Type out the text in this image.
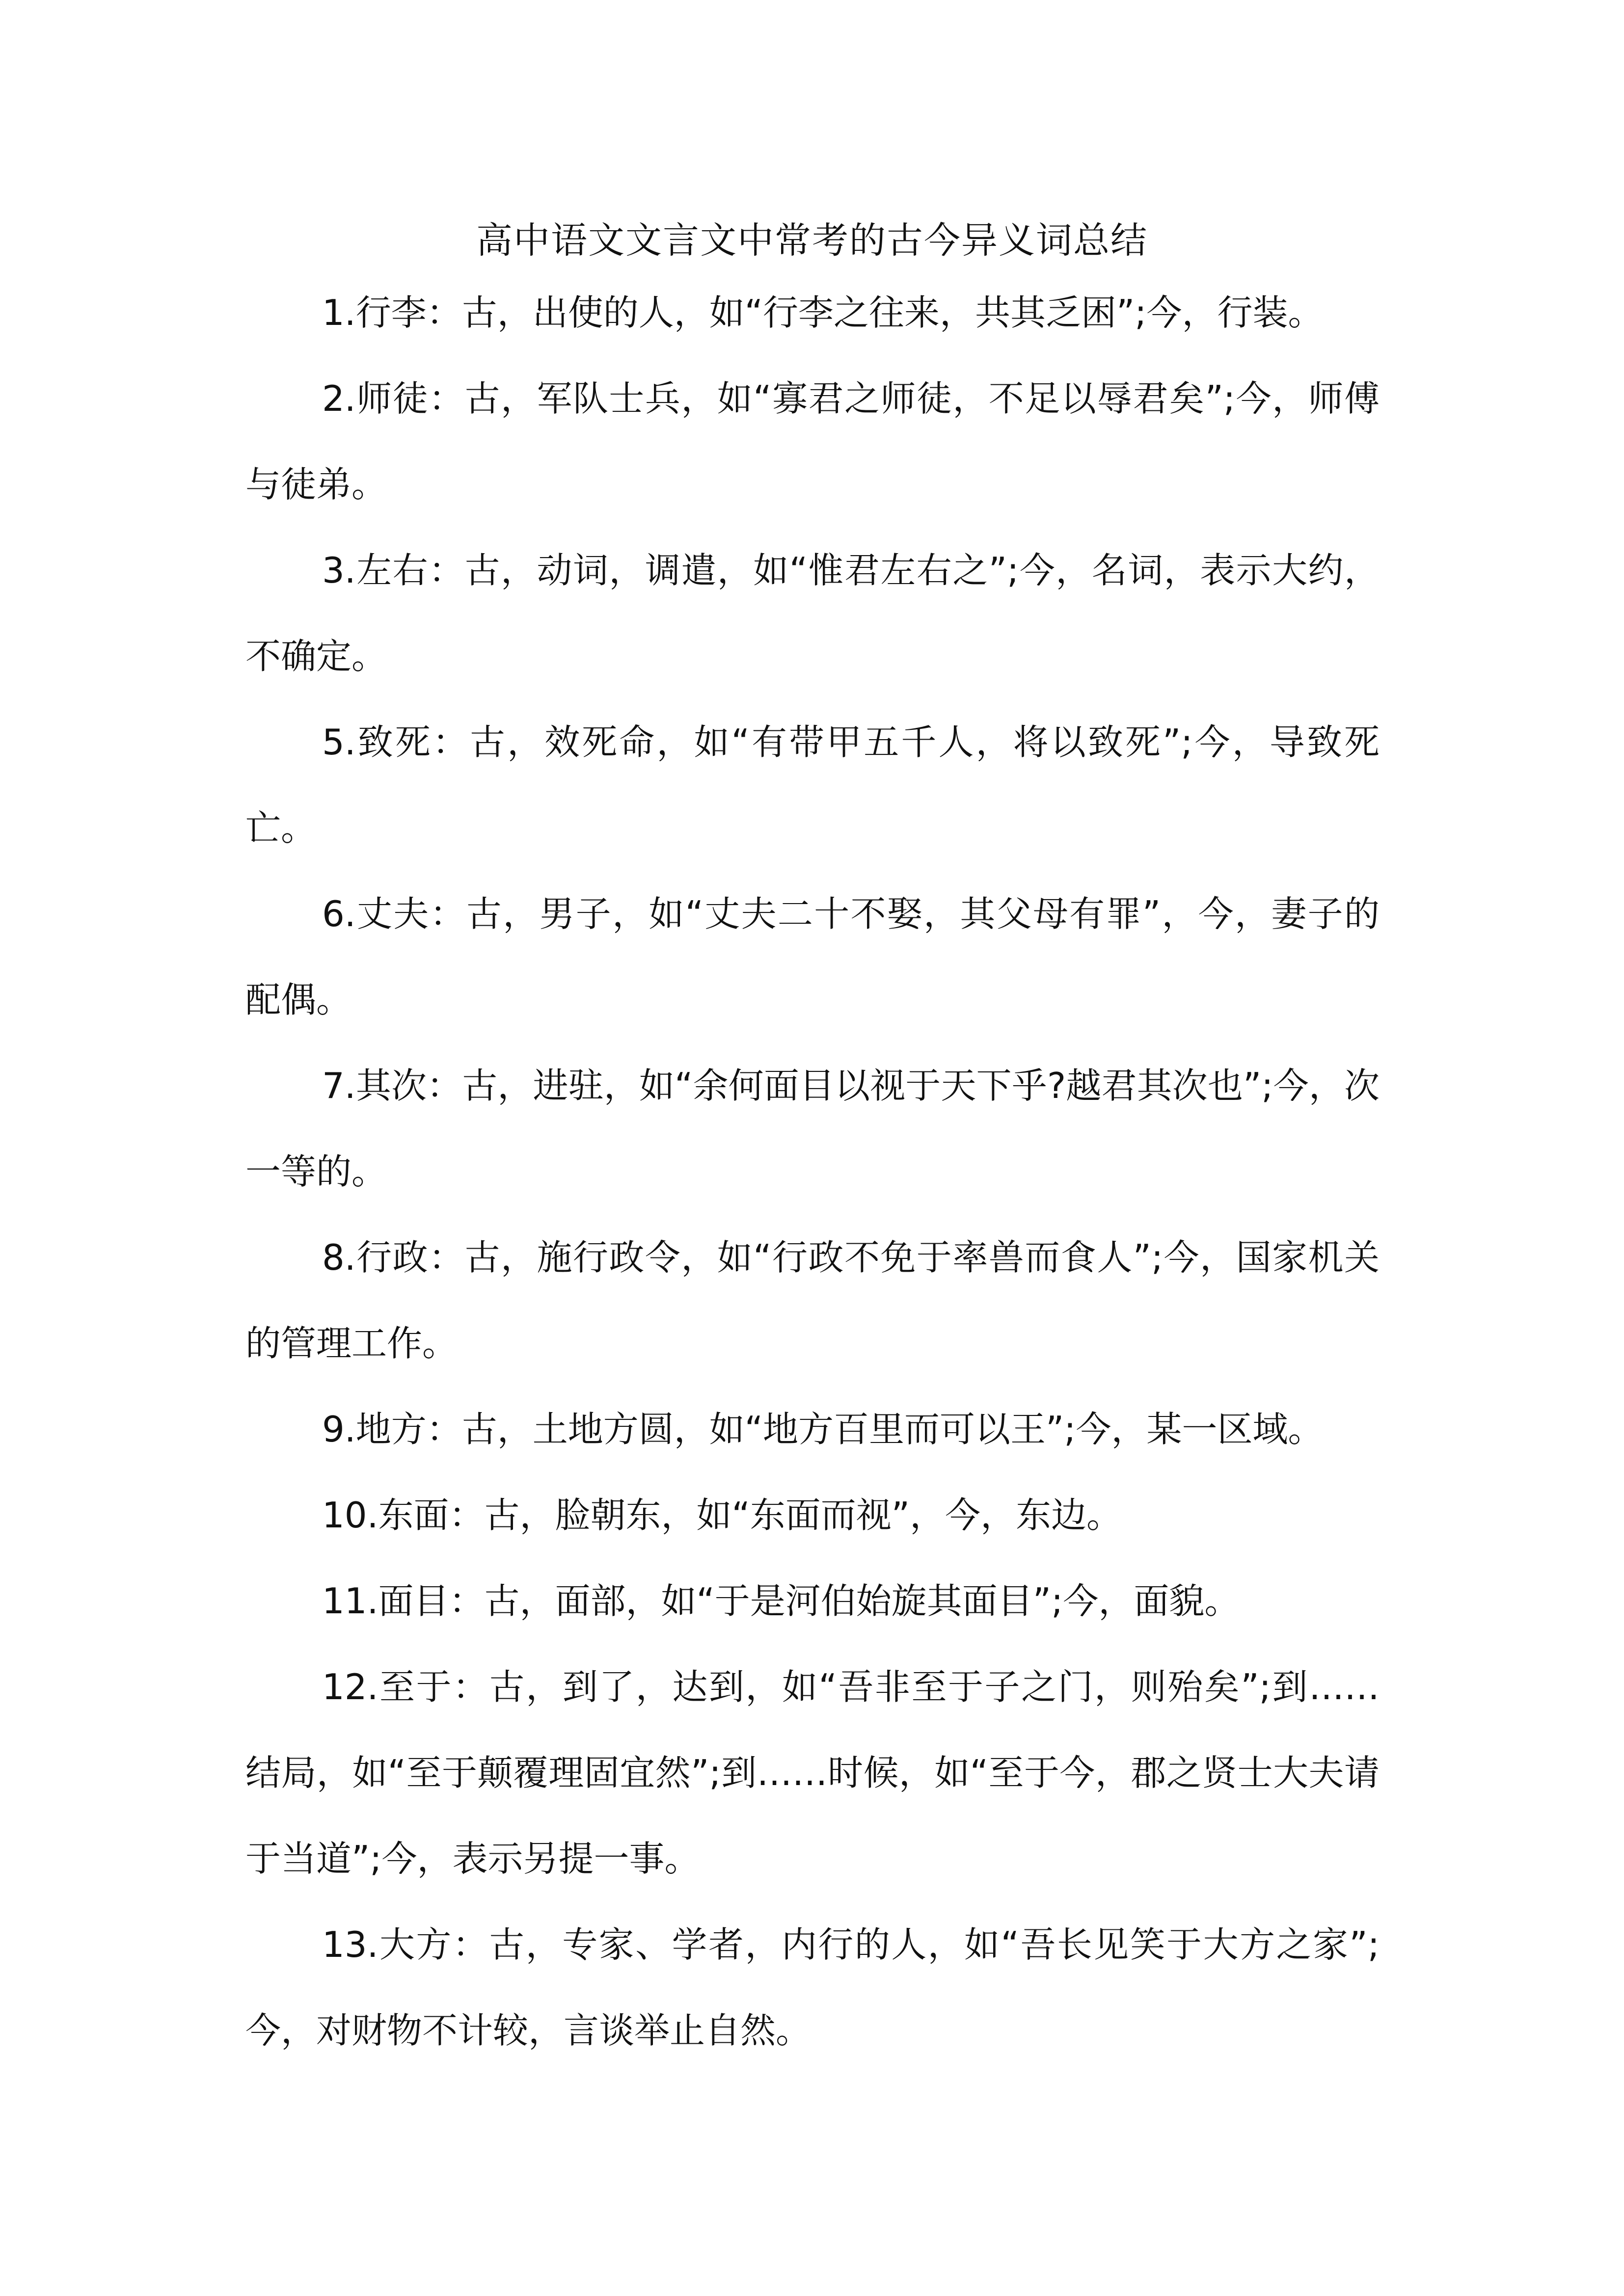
高中语文文言文中常考的古今异义词总结

1.行李：古，出使的人，如“行李之往来，共其乏困”;今，行装。

2.师徒：古，军队士兵，如“寡君之师徒，不足以辱君矣”;今，师傅与徒弟。

3.左右：古，动词，调遣，如“惟君左右之”;今，名词，表示大约，不确定。

5.致死：古，效死命，如“有带甲五千人，将以致死”;今，导致死亡。

6.丈夫：古，男子，如“丈夫二十不娶，其父母有罪”，今，妻子的配偶。

7.其次：古，进驻，如“余何面目以视于天下乎?越君其次也”;今，次一等的。

8.行政：古，施行政令，如“行政不免于率兽而食人”;今，国家机关的管理工作。

9.地方：古，土地方圆，如“地方百里而可以王”;今，某一区域。

10.东面：古，脸朝东，如“东面而视”，今，东边。

11.面目：古，面部，如“于是河伯始旋其面目”;今，面貌。

12.至于：古，到了，达到，如“吾非至于子之门，则殆矣”;到……结局，如“至于颠覆理固宜然”;到……时候，如“至于今，郡之贤士大夫请于当道”;今，表示另提一事。

13.大方：古，专家、学者，内行的人，如“吾长见笑于大方之家”;今，对财物不计较，言谈举止自然。
